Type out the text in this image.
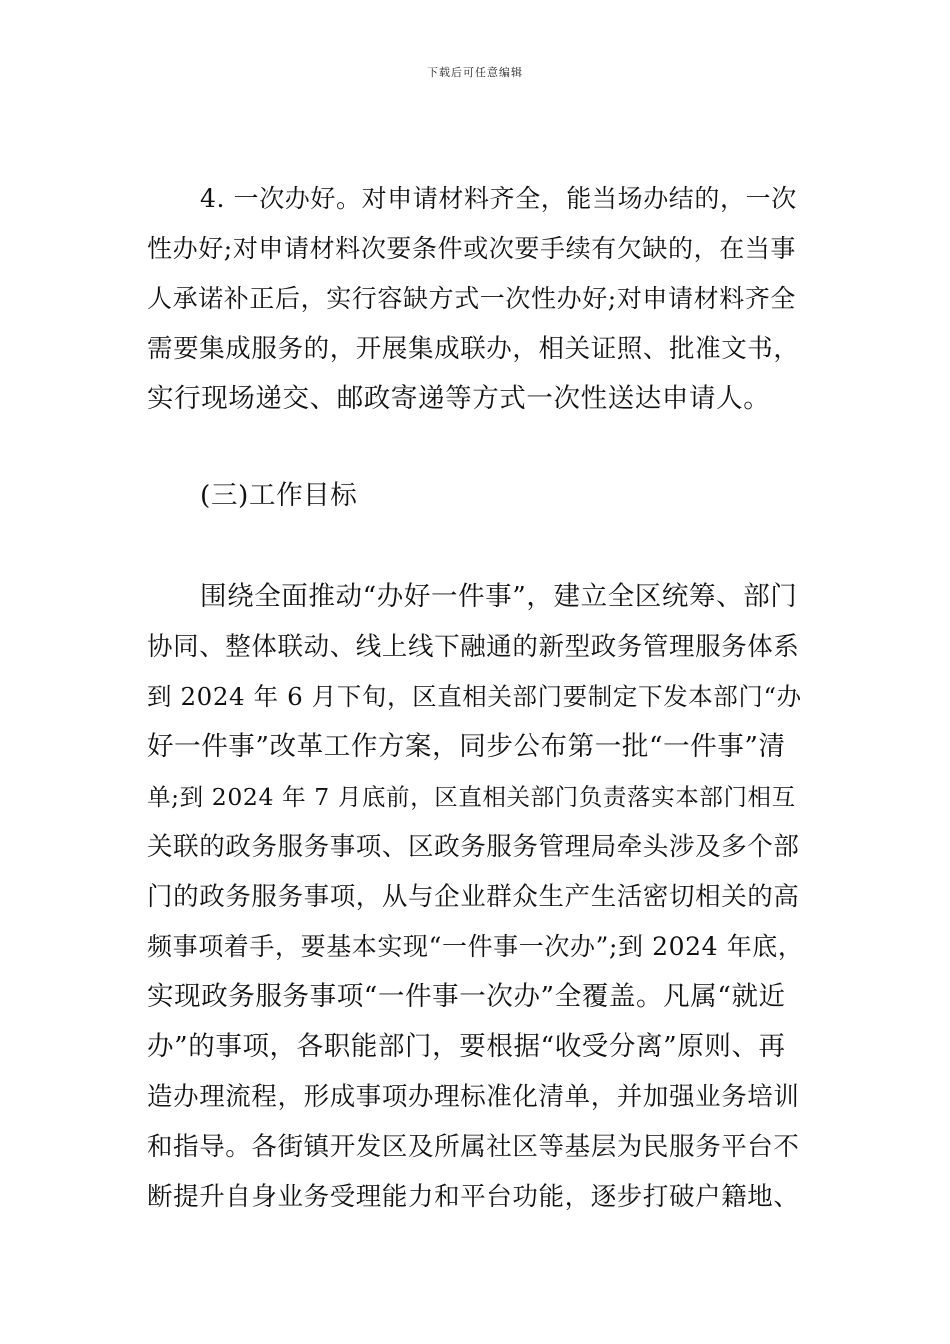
下载后可任意编辑
4. 一次办好。对申请材料齐全，能当场办结的，一次
性办好;对申请材料次要条件或次要手续有欠缺的，在当事
人承诺补正后，实行容缺方式一次性办好;对申请材料齐全
需要集成服务的，开展集成联办，相关证照、批准文书，
实行现场递交、邮政寄递等方式一次性送达申请人。
(三)工作目标
围绕全面推动“办好一件事”，建立全区统筹、部门
协同、整体联动、线上线下融通的新型政务管理服务体系
到 2024 年 6 月下旬，区直相关部门要制定下发本部门“办
好一件事”改革工作方案，同步公布第一批“一件事”清
单;到 2024 年 7 月底前，区直相关部门负责落实本部门相互
关联的政务服务事项、区政务服务管理局牵头涉及多个部
门的政务服务事项，从与企业群众生产生活密切相关的高
频事项着手，要基本实现“一件事一次办”;到 2024 年底，
实现政务服务事项“一件事一次办”全覆盖。凡属“就近
办”的事项，各职能部门，要根据“收受分离”原则、再
造办理流程，形成事项办理标准化清单，并加强业务培训
和指导。各街镇开发区及所属社区等基层为民服务平台不
断提升自身业务受理能力和平台功能，逐步打破户籍地、
